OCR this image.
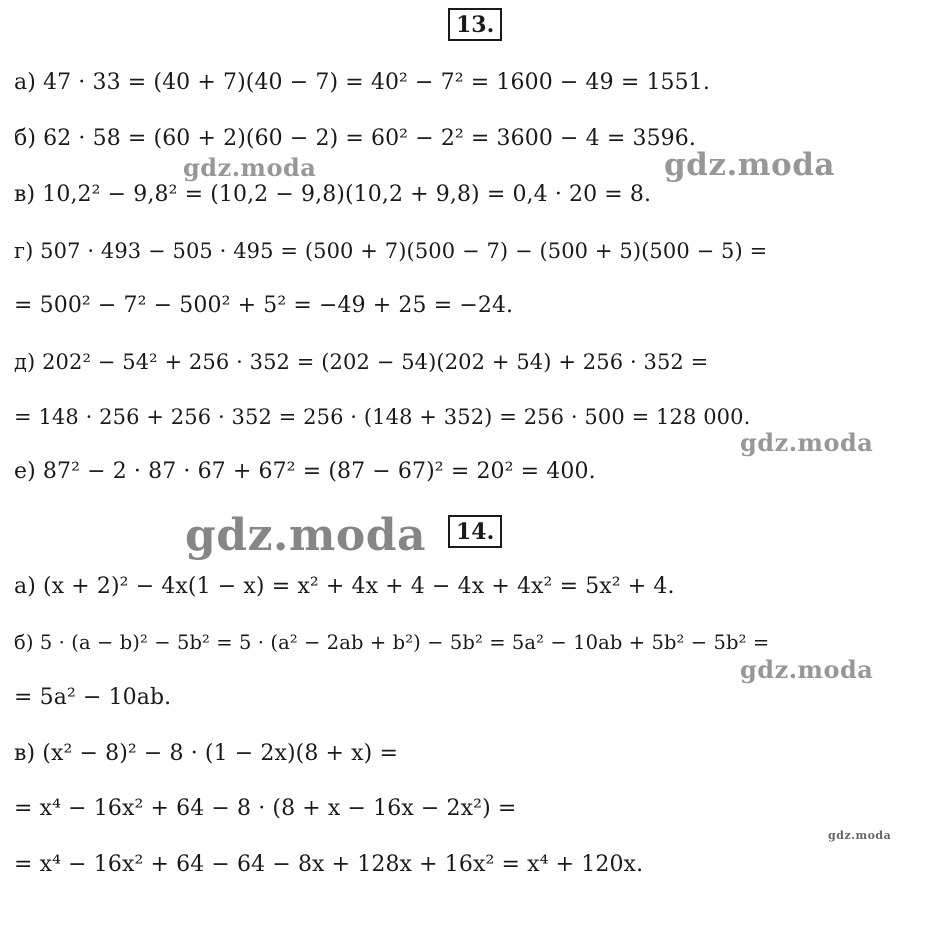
13.
а) 47 · 33 = (40 + 7)(40 − 7) = 40² − 7² = 1600 − 49 = 1551.
б) 62 · 58 = (60 + 2)(60 − 2) = 60² − 2² = 3600 − 4 = 3596.
в) 10,2² − 9,8² = (10,2 − 9,8)(10,2 + 9,8) = 0,4 · 20 = 8.
г) 507 · 493 − 505 · 495 = (500 + 7)(500 − 7) − (500 + 5)(500 − 5) =
= 500² − 7² − 500² + 5² = −49 + 25 = −24.
д) 202² − 54² + 256 · 352 = (202 − 54)(202 + 54) + 256 · 352 =
= 148 · 256 + 256 · 352 = 256 · (148 + 352) = 256 · 500 = 128 000.
е) 87² − 2 · 87 · 67 + 67² = (87 − 67)² = 20² = 400.
14.
а) (x + 2)² − 4x(1 − x) = x² + 4x + 4 − 4x + 4x² = 5x² + 4.
б) 5 · (a − b)² − 5b² = 5 · (a² − 2ab + b²) − 5b² = 5a² − 10ab + 5b² − 5b² =
= 5a² − 10ab.
в) (x² − 8)² − 8 · (1 − 2x)(8 + x) =
= x⁴ − 16x² + 64 − 8 · (8 + x − 16x − 2x²) =
= x⁴ − 16x² + 64 − 64 − 8x + 128x + 16x² = x⁴ + 120x.
gdz.moda	gdz.moda
gdz.moda
gdz.moda
gdz.moda
gdz.moda
